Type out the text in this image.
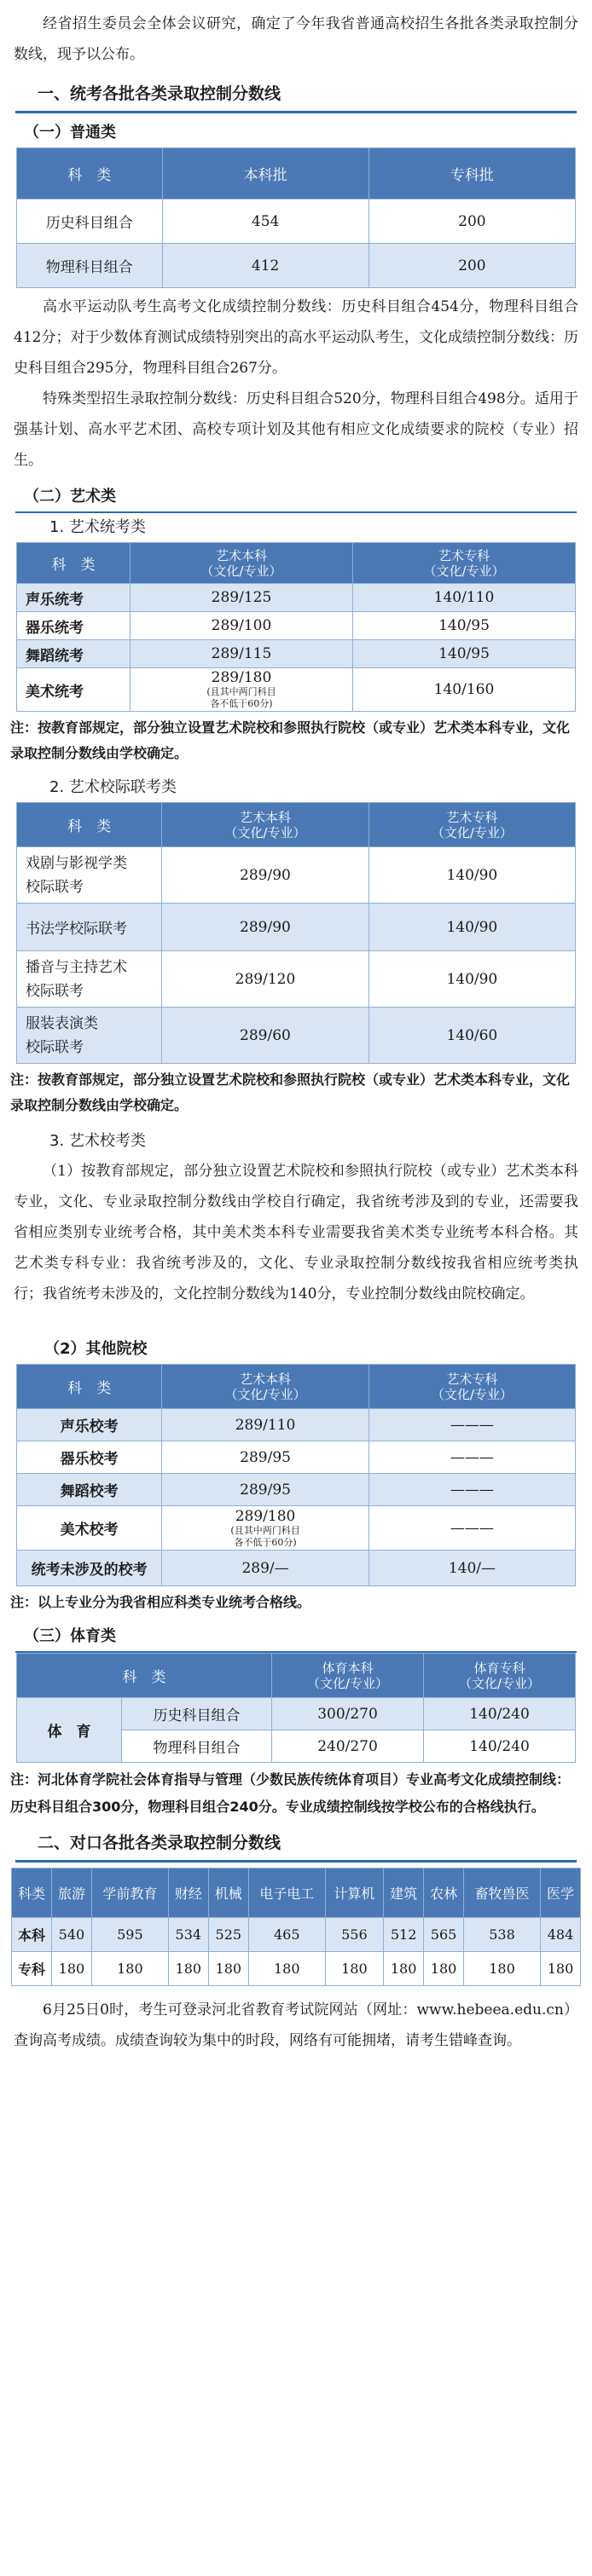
经省招生委员会全体会议研究，确定了今年我省普通高校招生各批各类录取控制分数线，现予以公布。

一、统考各批各类录取控制分数线
（一）普通类
科　类	本科批	专科批
历史科目组合	454	200
物理科目组合	412	200

高水平运动队考生高考文化成绩控制分数线：历史科目组合454分，物理科目组合412分；对于少数体育测试成绩特别突出的高水平运动队考生，文化成绩控制分数线：历史科目组合295分，物理科目组合267分。

特殊类型招生录取控制分数线：历史科目组合520分，物理科目组合498分。适用于强基计划、高水平艺术团、高校专项计划及其他有相应文化成绩要求的院校（专业）招生。

（二）艺术类
1. 艺术统考类
科　类	艺术本科
（文化/专业）	艺术专科
（文化/专业）

声乐统考	289/125	140/110
器乐统考	289/100	140/95
舞蹈统考	289/115	140/95
美术统考	289/180
(且其中两门科目
各不低于60分)	140/160

注：按教育部规定，部分独立设置艺术院校和参照执行院校（或专业）艺术类本科专业，文化录取控制分数线由学校确定。

2. 艺术校际联考类
科　类	艺术本科
（文化/专业）	艺术专科
（文化/专业）

戏剧与影视学类
校际联考	289/90	140/90
书法学校际联考	289/90	140/90

播音与主持艺术
校际联考	289/120	140/90

服装表演类
校际联考	289/60	140/60

注：按教育部规定，部分独立设置艺术院校和参照执行院校（或专业）艺术类本科专业，文化录取控制分数线由学校确定。

3. 艺术校考类

（1）按教育部规定，部分独立设置艺术院校和参照执行院校（或专业）艺术类本科专业，文化、专业录取控制分数线由学校自行确定，我省统考涉及到的专业，还需要我省相应类别专业统考合格，其中美术类本科专业需要我省美术类专业统考本科合格。其艺术类专科专业：我省统考涉及的，文化、专业录取控制分数线按我省相应统考类执行；我省统考未涉及的，文化控制分数线为140分，专业控制分数线由院校确定。

（2）其他院校
科　类	艺术本科
（文化/专业）	艺术专科
（文化/专业）

声乐校考	289/110	———
器乐校考	289/95	———
舞蹈校考	289/95	———
美术校考	289/180
(且其中两门科目
各不低于60分)	———
统考未涉及的校考	289/—	140/—

注：以上专业分为我省相应科类专业统考合格线。

（三）体育类
科　类		体育本科
（文化/专业）	体育专科
（文化/专业）

体　育	历史科目组合	300/270	140/240
	物理科目组合	240/270	140/240

注：河北体育学院社会体育指导与管理（少数民族传统体育项目）专业高考文化成绩控制线：历史科目组合300分，物理科目组合240分。专业成绩控制线按学校公布的合格线执行。

二、对口各批各类录取控制分数线
科类	旅游	学前教育	财经	机械	电子电工	计算机	建筑	农林	畜牧兽医	医学
本科	540	595	534	525	465	556	512	565	538	484
专科	180	180	180	180	180	180	180	180	180	180

6月25日0时，考生可登录河北省教育考试院网站（网址：www.hebeea.edu.cn）查询高考成绩。成绩查询较为集中的时段，网络有可能拥堵，请考生错峰查询。
